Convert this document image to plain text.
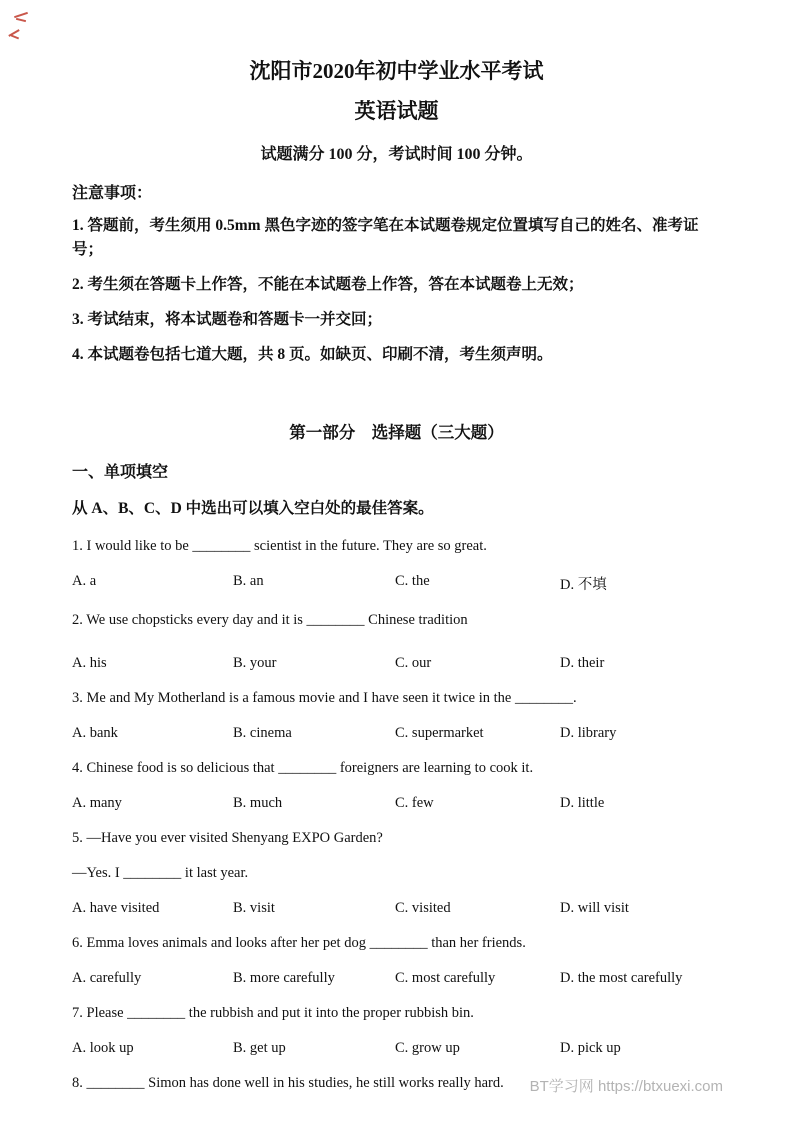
沈阳市2020年初中学业水平考试
英语试题

试题满分 100 分，考试时间 100 分钟。

注意事项：

1. 答题前，考生须用 0.5mm 黑色字迹的签字笔在本试题卷规定位置填写自己的姓名、准考证号；

2. 考生须在答题卡上作答，不能在本试题卷上作答，答在本试题卷上无效；

3. 考试结束，将本试题卷和答题卡一并交回；

4. 本试题卷包括七道大题，共 8 页。如缺页、印刷不清，考生须声明。

第一部分　选择题（三大题）

一、单项填空

从 A、B、C、D 中选出可以填入空白处的最佳答案。

1. I would like to be ________ scientist in the future. They are so great.

A. a	B. an	C. the	D. 不填

2. We use chopsticks every day and it is ________ Chinese tradition

A. his	B. your	C. our	D. their

3. Me and My Motherland is a famous movie and I have seen it twice in the ________.

A. bank	B. cinema	C. supermarket	D. library

4. Chinese food is so delicious that ________ foreigners are learning to cook it.

A. many	B. much	C. few	D. little

5. —Have you ever visited Shenyang EXPO Garden?

—Yes. I ________ it last year.

A. have visited	B. visit	C. visited	D. will visit

6. Emma loves animals and looks after her pet dog ________ than her friends.

A. carefully	B. more carefully	C. most carefully	D. the most carefully

7. Please ________ the rubbish and put it into the proper rubbish bin.

A. look up	B. get up	C. grow up	D. pick up

8. ________ Simon has done well in his studies, he still works really hard.	BT学习网 https://btxuexi.com
